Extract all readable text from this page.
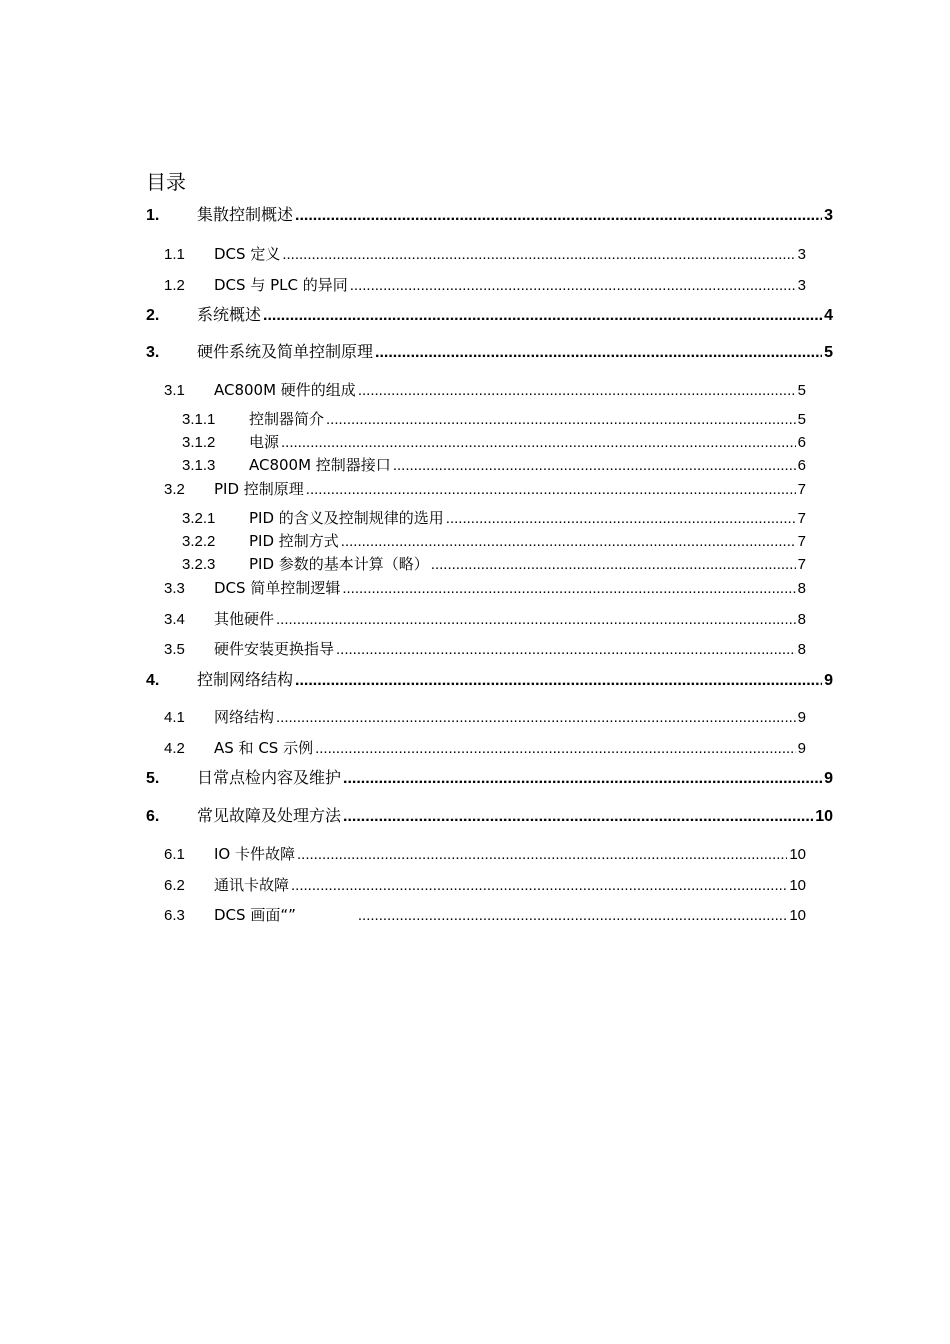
目录
1.	集散控制概述 .....	3
1.1	DCS 定义 .....	3
1.2	DCS 与 PLC 的异同 .....	3
2.	系统概述 .....	4
3.	硬件系统及简单控制原理 .....	5
3.1	AC800M 硬件的组成 .....	5
3.1.1	控制器简介 .....	5
3.1.2	电源 .....	6
3.1.3	AC800M 控制器接口 .....	6
3.2	PID 控制原理 .....	7
3.2.1	PID 的含义及控制规律的选用 .....	7
3.2.2	PID 控制方式 .....	7
3.2.3	PID 参数的基本计算（略） .....	7
3.3	DCS 简单控制逻辑 .....	8
3.4	其他硬件 .....	8
3.5	硬件安装更换指导 .....	8
4.	控制网络结构 .....	9
4.1	网络结构 .....	9
4.2	AS 和 CS 示例 .....	9
5.	日常点检内容及维护 .....	9
6.	常见故障及处理方法 .....	10
6.1	IO 卡件故障 .....	10
6.2	通讯卡故障 .....	10
6.3	DCS 画面“” .....	10
